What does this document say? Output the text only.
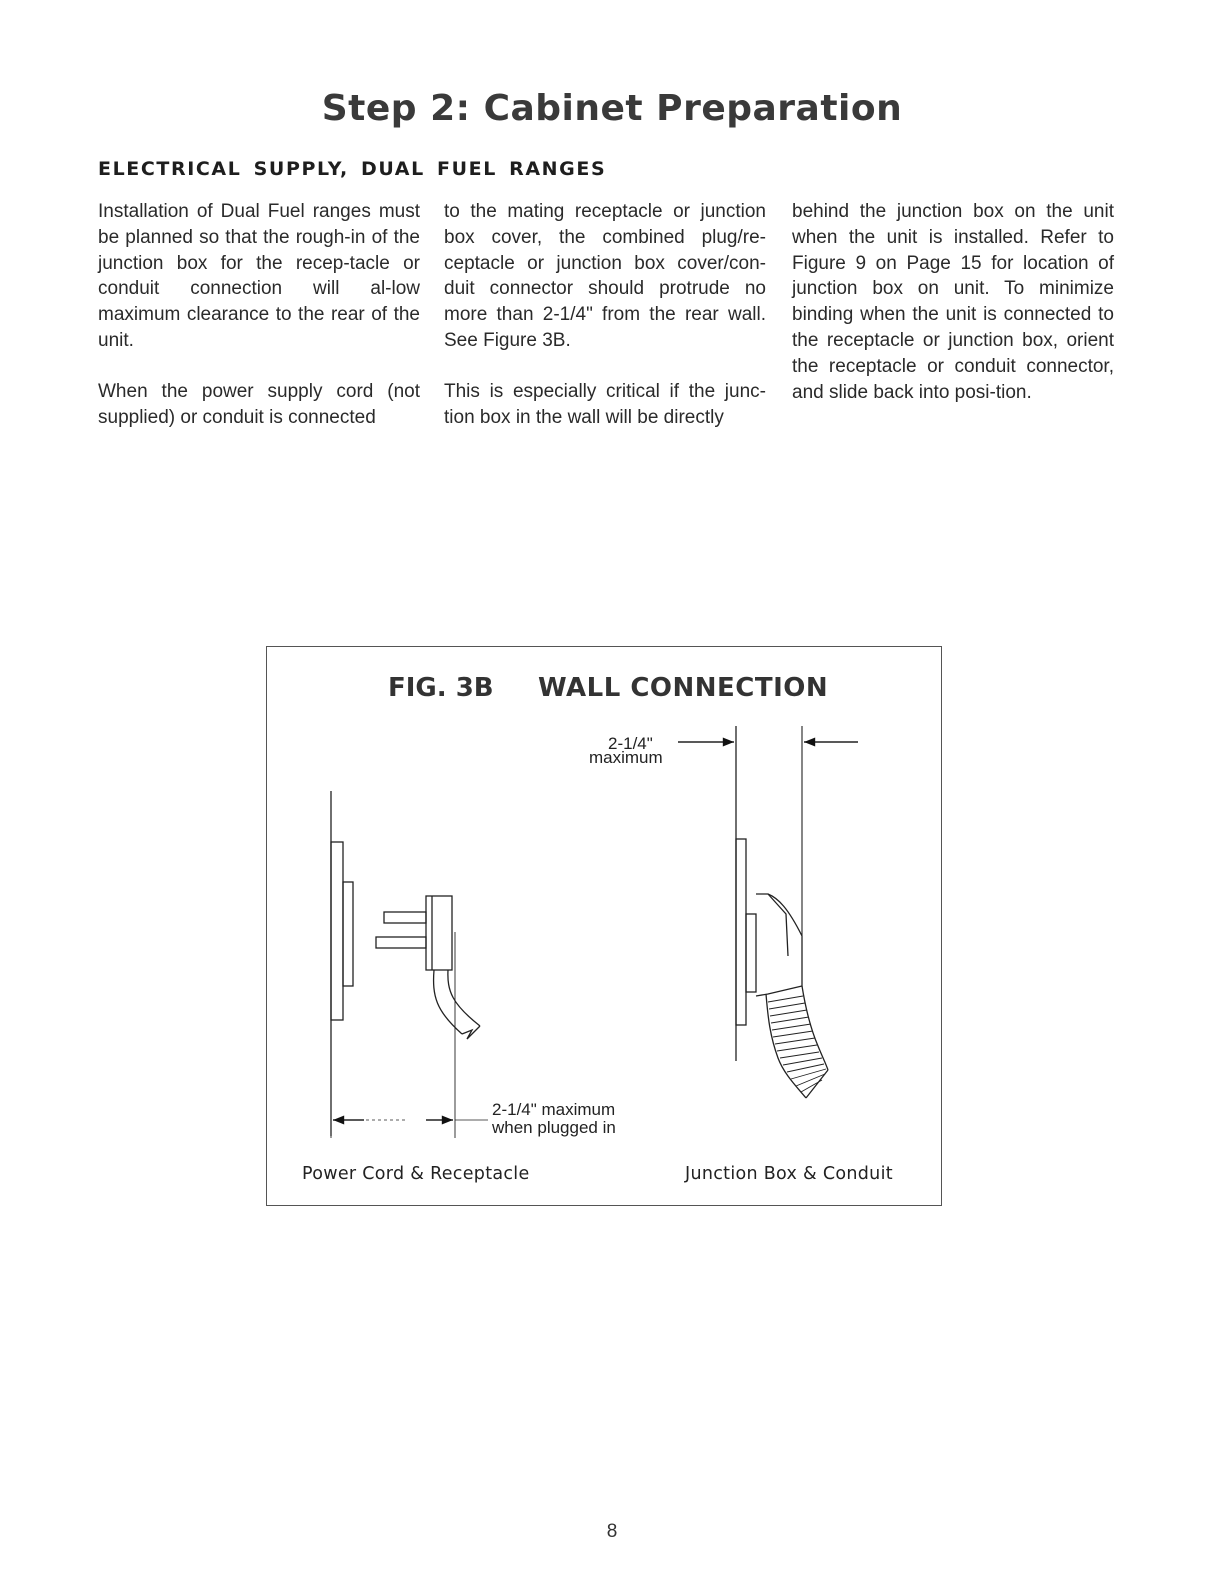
Step 2: Cabinet Preparation
ELECTRICAL SUPPLY, DUAL FUEL RANGES

Installation of Dual Fuel ranges must be planned so that the rough-in of the junction box for the recep-tacle or conduit connection will al-low maximum clearance to the rear of the unit.

When the power supply cord (not supplied) or conduit is connected

to the mating receptacle or junction box cover, the combined plug/re-ceptacle or junction box cover/con-duit connector should protrude no more than 2-1/4" from the rear wall. See Figure 3B.

This is especially critical if the junc-tion box in the wall will be directly

behind the junction box on the unit when the unit is installed. Refer to Figure 9 on Page 15 for location of junction box on unit. To minimize binding when the unit is connected to the receptacle or junction box, orient the receptacle or conduit connector, and slide back into posi-tion.

FIG. 3B WALL CONNECTION
2-1/4"
maximum
2-1/4" maximum
when plugged in
Power Cord & Receptacle	Junction Box & Conduit
8
